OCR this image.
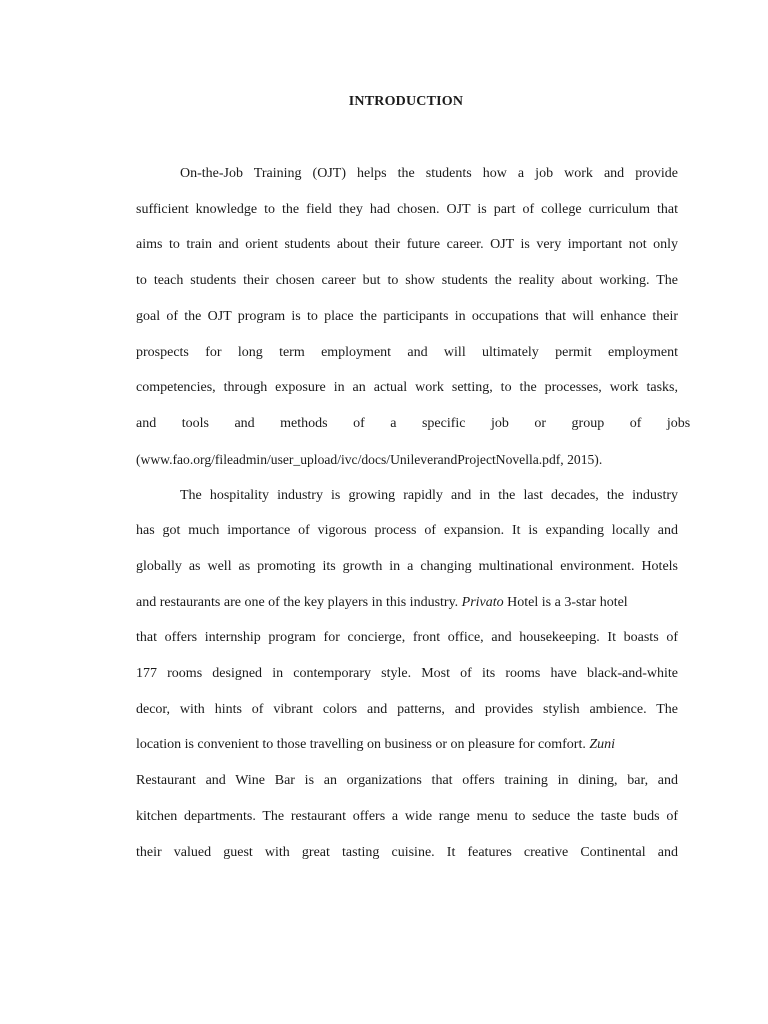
INTRODUCTION
On-the-Job Training (OJT) helps the students how a job work and provide
sufficient knowledge to the field they had chosen. OJT is part of college curriculum that
aims to train and orient students about their future career. OJT is very important not only
to teach students their chosen career but to show students the reality about working. The
goal of the OJT program is to place the participants in occupations that will enhance their
prospects for long term employment and will ultimately permit employment
competencies, through exposure in an actual work setting, to the processes, work tasks,
and tools and methods of a specific job or group of jobs
(www.fao.org/fileadmin/user_upload/ivc/docs/UnileverandProjectNovella.pdf, 2015).
The hospitality industry is growing rapidly and in the last decades, the industry
has got much importance of vigorous process of expansion. It is expanding locally and
globally as well as promoting its growth in a changing multinational environment. Hotels
and restaurants are one of the key players in this industry. Privato Hotel is a 3-star hotel
that offers internship program for concierge, front office, and housekeeping. It boasts of
177 rooms designed in contemporary style. Most of its rooms have black-and-white
decor, with hints of vibrant colors and patterns, and provides stylish ambience. The
location is convenient to those travelling on business or on pleasure for comfort. Zuni
Restaurant and Wine Bar is an organizations that offers training in dining, bar, and
kitchen departments. The restaurant offers a wide range menu to seduce the taste buds of
their valued guest with great tasting cuisine. It features creative Continental and
